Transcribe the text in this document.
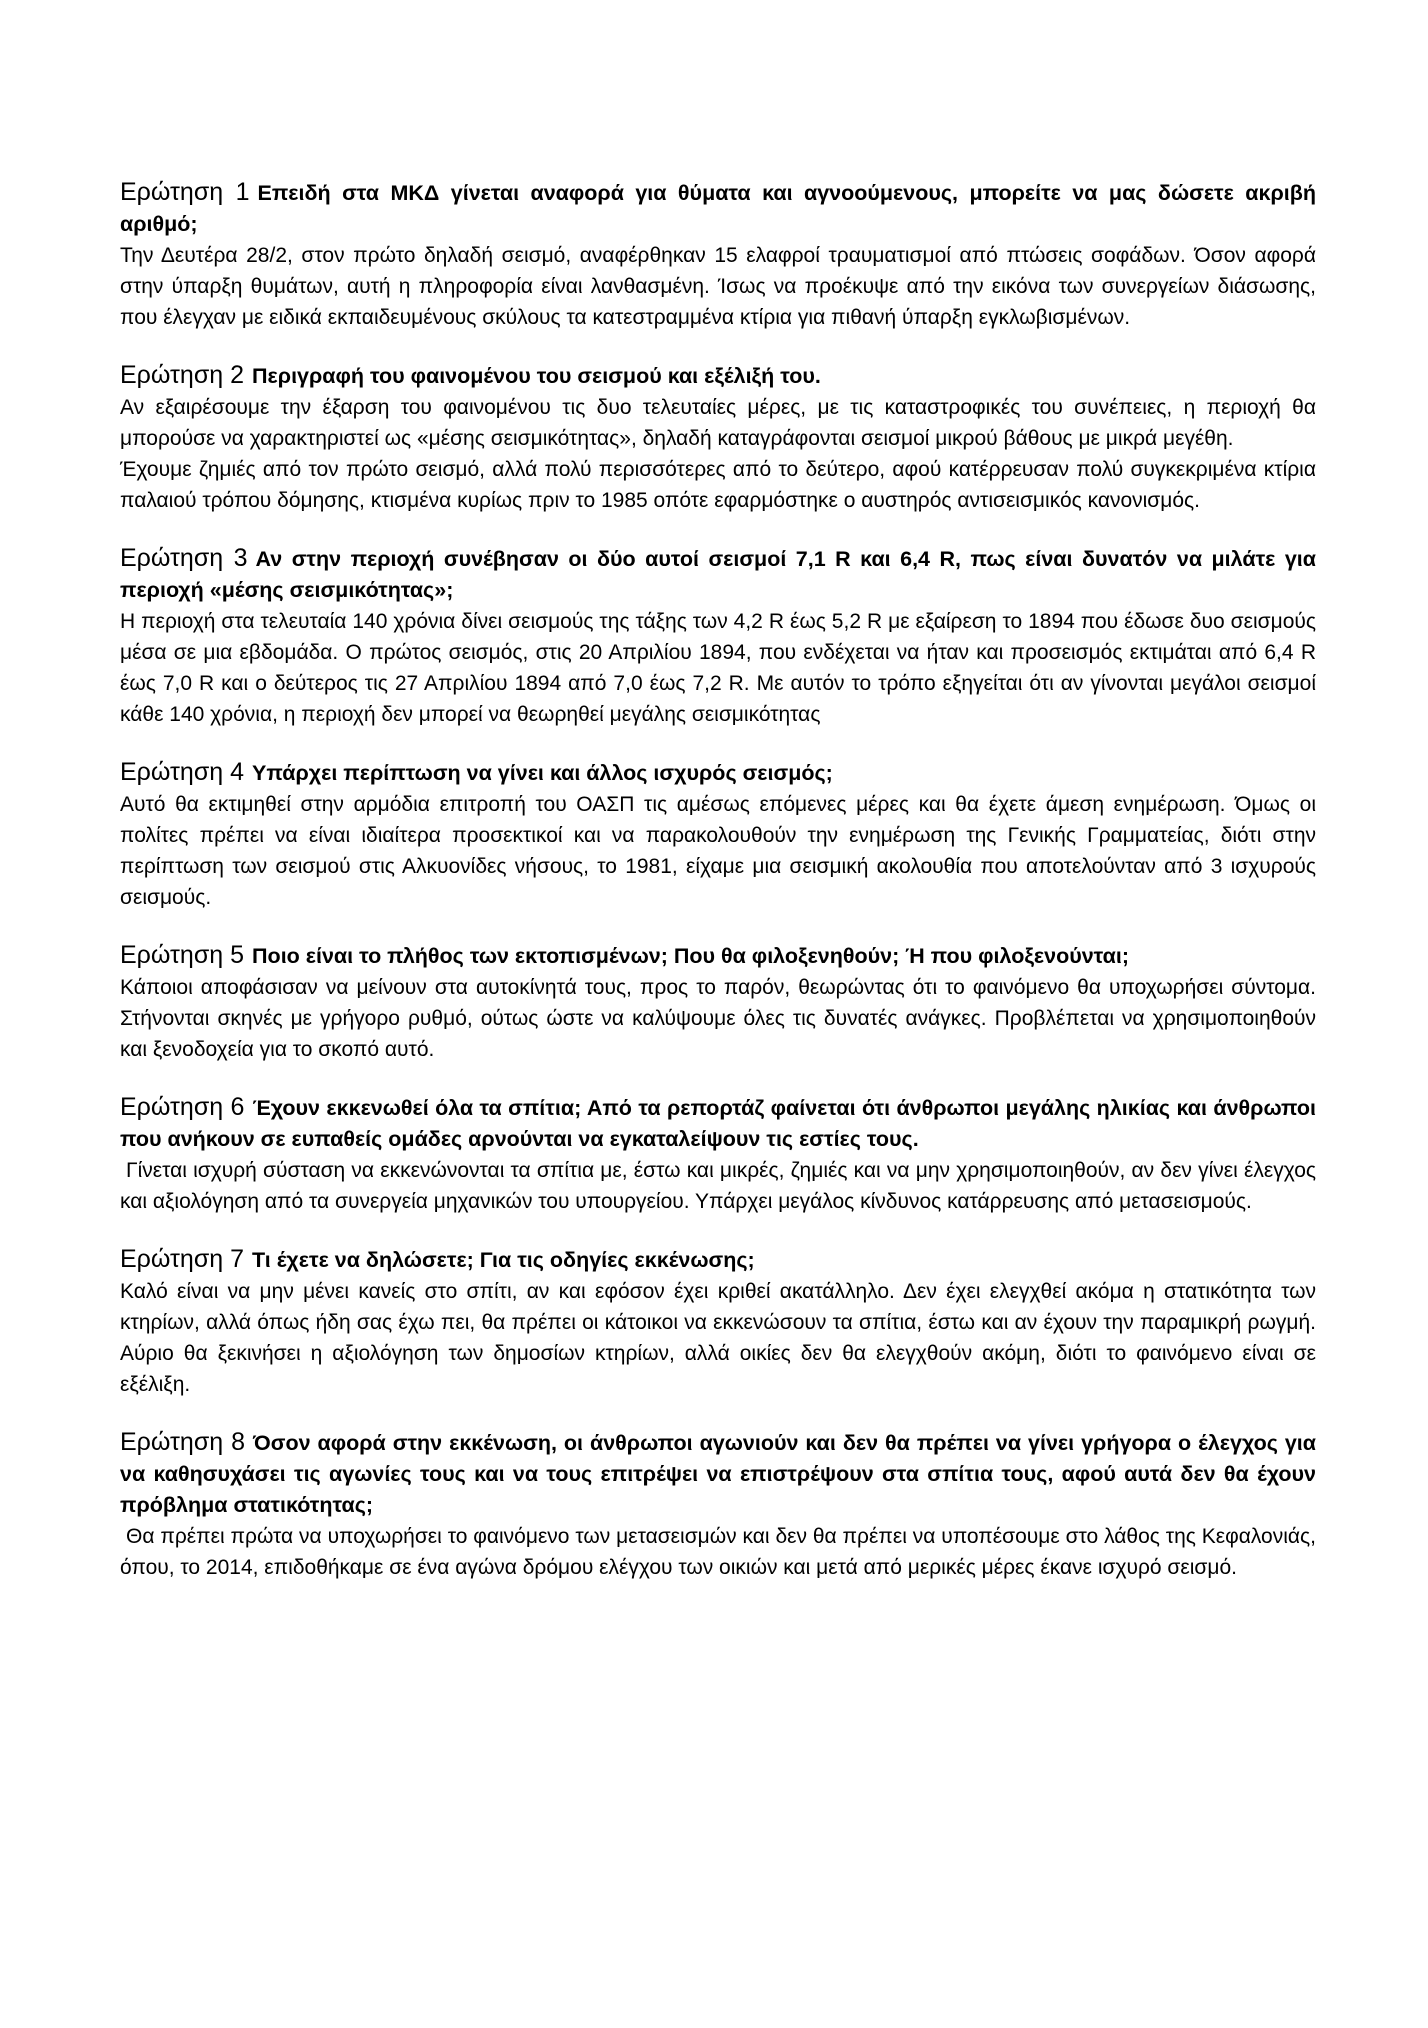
Ερώτηση 1 Επειδή στα ΜΚΔ γίνεται αναφορά για θύματα και αγνοούμενους, μπορείτε να μας δώσετε ακριβή αριθμό;

Την Δευτέρα 28/2, στον πρώτο δηλαδή σεισμό, αναφέρθηκαν 15 ελαφροί τραυματισμοί από πτώσεις σοφάδων. Όσον αφορά στην ύπαρξη θυμάτων, αυτή η πληροφορία είναι λανθασμένη. Ίσως να προέκυψε από την εικόνα των συνεργείων διάσωσης, που έλεγχαν με ειδικά εκπαιδευμένους σκύλους τα κατεστραμμένα κτίρια για πιθανή ύπαρξη εγκλωβισμένων.

Ερώτηση 2 Περιγραφή του φαινομένου του σεισμού και εξέλιξή του.

Αν εξαιρέσουμε την έξαρση του φαινομένου τις δυο τελευταίες μέρες, με τις καταστροφικές του συνέπειες, η περιοχή θα μπορούσε να χαρακτηριστεί ως «μέσης σεισμικότητας», δηλαδή καταγράφονται σεισμοί μικρού βάθους με μικρά μεγέθη.

Έχουμε ζημιές από τον πρώτο σεισμό, αλλά πολύ περισσότερες από το δεύτερο, αφού κατέρρευσαν πολύ συγκεκριμένα κτίρια παλαιού τρόπου δόμησης, κτισμένα κυρίως πριν το 1985 οπότε εφαρμόστηκε ο αυστηρός αντισεισμικός κανονισμός.

Ερώτηση 3 Αν στην περιοχή συνέβησαν οι δύο αυτοί σεισμοί 7,1 R και 6,4 R, πως είναι δυνατόν να μιλάτε για περιοχή «μέσης σεισμικότητας»;

Η περιοχή στα τελευταία 140 χρόνια δίνει σεισμούς της τάξης των 4,2 R έως 5,2 R με εξαίρεση το 1894 που έδωσε δυο σεισμούς μέσα σε μια εβδομάδα. Ο πρώτος σεισμός, στις 20 Απριλίου 1894, που ενδέχεται να ήταν και προσεισμός εκτιμάται από 6,4 R έως 7,0 R και ο δεύτερος τις 27 Απριλίου 1894 από 7,0 έως 7,2 R. Με αυτόν το τρόπο εξηγείται ότι αν γίνονται μεγάλοι σεισμοί κάθε 140 χρόνια, η περιοχή δεν μπορεί να θεωρηθεί μεγάλης σεισμικότητας

Ερώτηση 4 Υπάρχει περίπτωση να γίνει και άλλος ισχυρός σεισμός;

Αυτό θα εκτιμηθεί στην αρμόδια επιτροπή του ΟΑΣΠ τις αμέσως επόμενες μέρες και θα έχετε άμεση ενημέρωση. Όμως οι πολίτες πρέπει να είναι ιδιαίτερα προσεκτικοί και να παρακολουθούν την ενημέρωση της Γενικής Γραμματείας, διότι στην περίπτωση των σεισμού στις Αλκυονίδες νήσους, το 1981, είχαμε μια σεισμική ακολουθία που αποτελούνταν από 3 ισχυρούς σεισμούς.

Ερώτηση 5 Ποιο είναι το πλήθος των εκτοπισμένων; Που θα φιλοξενηθούν; Ή που φιλοξενούνται;

Κάποιοι αποφάσισαν να μείνουν στα αυτοκίνητά τους, προς το παρόν, θεωρώντας ότι το φαινόμενο θα υποχωρήσει σύντομα. Στήνονται σκηνές με γρήγορο ρυθμό, ούτως ώστε να καλύψουμε όλες τις δυνατές ανάγκες. Προβλέπεται να χρησιμοποιηθούν και ξενοδοχεία για το σκοπό αυτό.

Ερώτηση 6 Έχουν εκκενωθεί όλα τα σπίτια; Από τα ρεπορτάζ φαίνεται ότι άνθρωποι μεγάλης ηλικίας και άνθρωποι που ανήκουν σε ευπαθείς ομάδες αρνούνται να εγκαταλείψουν τις εστίες τους.

Γίνεται ισχυρή σύσταση να εκκενώνονται τα σπίτια με, έστω και μικρές, ζημιές και να μην χρησιμοποιηθούν, αν δεν γίνει έλεγχος και αξιολόγηση από τα συνεργεία μηχανικών του υπουργείου. Υπάρχει μεγάλος κίνδυνος κατάρρευσης από μετασεισμούς.

Ερώτηση 7 Τι έχετε να δηλώσετε; Για τις οδηγίες εκκένωσης;

Καλό είναι να μην μένει κανείς στο σπίτι, αν και εφόσον έχει κριθεί ακατάλληλο. Δεν έχει ελεγχθεί ακόμα η στατικότητα των κτηρίων, αλλά όπως ήδη σας έχω πει, θα πρέπει οι κάτοικοι να εκκενώσουν τα σπίτια, έστω και αν έχουν την παραμικρή ρωγμή. Αύριο θα ξεκινήσει η αξιολόγηση των δημοσίων κτηρίων, αλλά οικίες δεν θα ελεγχθούν ακόμη, διότι το φαινόμενο είναι σε εξέλιξη.

Ερώτηση 8 Όσον αφορά στην εκκένωση, οι άνθρωποι αγωνιούν και δεν θα πρέπει να γίνει γρήγορα ο έλεγχος για να καθησυχάσει τις αγωνίες τους και να τους επιτρέψει να επιστρέψουν στα σπίτια τους, αφού αυτά δεν θα έχουν πρόβλημα στατικότητας;

Θα πρέπει πρώτα να υποχωρήσει το φαινόμενο των μετασεισμών και δεν θα πρέπει να υποπέσουμε στο λάθος της Κεφαλονιάς, όπου, το 2014, επιδοθήκαμε σε ένα αγώνα δρόμου ελέγχου των οικιών και μετά από μερικές μέρες έκανε ισχυρό σεισμό.
